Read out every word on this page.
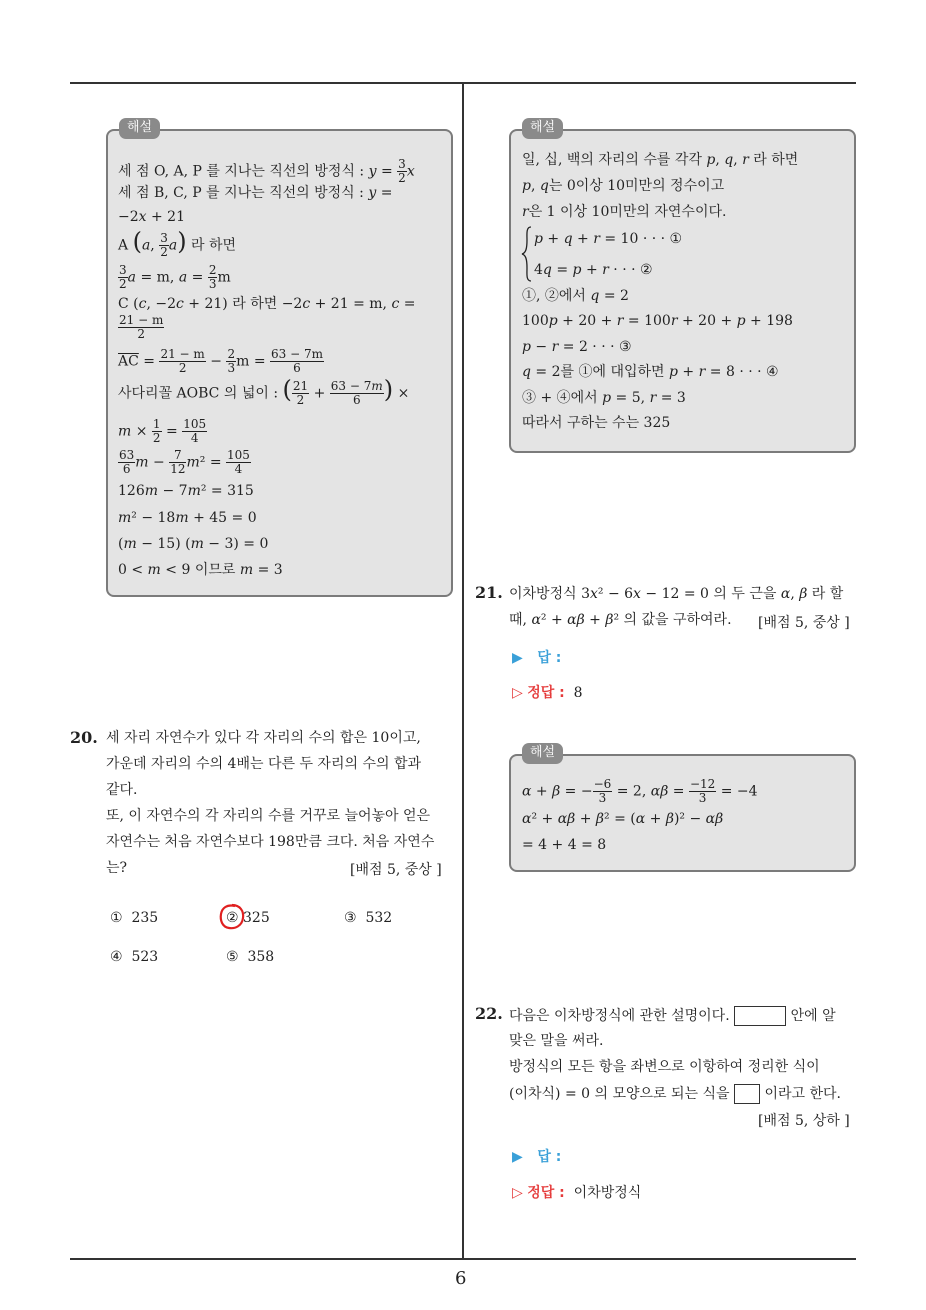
6
해설
세 점 O, A, P 를 지나는 직선의 방정식 : $y = \frac{3}{2}$ x
세 점 B, C, P 를 지나는 직선의 방정식 : y =
−2x + 21
A (a, $\frac{3}{2} a$) 라 하면
$\frac{3}{2}$ a = m, $a = \frac{2}{3}$ m
C (c, −2c + 21) 라 하면 −2c + 21 = m, c =
$\frac{21 - m}{2}$
$\overline{AC} = \frac{21 - m}{2} - \frac{2}{3}$ $m = \frac{63 - 7m}{6}$
사다리꼴 AOBC 의 넓이 : ( $\frac{21}{2} + \frac{63 - 7m}{6}$ ) ×
$m \times \frac{1}{2} = \frac{105}{4}$
$\frac{63}{6}$ $m - \frac{7}{12} m^2 = \frac{105}{4}$
126m − 7m² = 315
m² − 18m + 45 = 0
(m − 15) (m − 3) = 0
0 < m < 9 이므로 m = 3
20. 세 자리 자연수가 있다 각 자리의 수의 합은 10이고,
가운데 자리의 수의 4배는 다른 두 자리의 수의 합과
같다.
또, 이 자연수의 각 자리의 수를 거꾸로 늘어놓아 얻은
자연수는 처음 자연수보다 198만큼 크다. 처음 자연수
는?	[배점 5, 중상 ]
① 235	② 325	③ 532
④ 523	⑤ 358
해설
일, 십, 백의 자리의 수를 각각 p, q, r 라 하면
p, q는 0이상 10미만의 정수이고
r은 1 이상 10미만의 자연수이다.
p + q + r = 10 · · · ①
4q = p + r · · · ②
①, ②에서 q = 2
100p + 20 + r = 100r + 20 + p + 198
p − r = 2 · · · ③
q = 2를 ①에 대입하면 p + r = 8 · · · ④
③ + ④에서 p = 5, r = 3
따라서 구하는 수는 325
21. 이차방정식 3x² − 6x − 12 = 0 의 두 근을 α, β 라 할
때, α² + αβ + β² 의 값을 구하여라. [배점 5, 중상 ]
▶ 답 :
▷ 정답 : 8
해설
α + β = − $\frac{-6}{3} = 2$, $\alpha\beta = \frac{-12}{3} = -4$
α² + αβ + β² = (α + β)² − αβ
= 4 + 4 = 8
22. 다음은 이차방정식에 관한 설명이다.	안에 알
맞은 말을 써라.
방정식의 모든 항을 좌변으로 이항하여 정리한 식이
(이차식) = 0 의 모양으로 되는 식을 이라고 한다.
[배점 5, 상하 ]
▶ 답 :
▷ 정답 : 이차방정식
